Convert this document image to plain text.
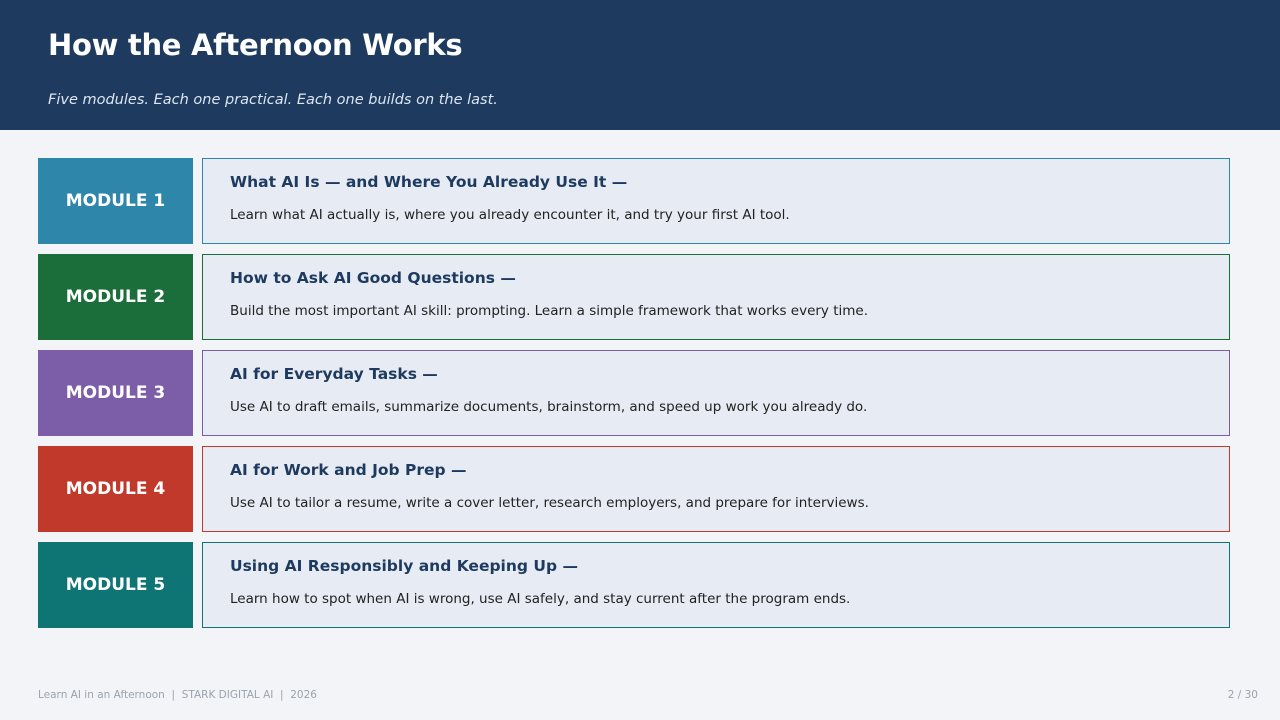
How the Afternoon Works
Five modules. Each one practical. Each one builds on the last.
MODULE 1
What AI Is — and Where You Already Use It —
Learn what AI actually is, where you already encounter it, and try your first AI tool.
MODULE 2
How to Ask AI Good Questions —
Build the most important AI skill: prompting. Learn a simple framework that works every time.
MODULE 3
AI for Everyday Tasks —
Use AI to draft emails, summarize documents, brainstorm, and speed up work you already do.
MODULE 4
AI for Work and Job Prep —
Use AI to tailor a resume, write a cover letter, research employers, and prepare for interviews.
MODULE 5
Using AI Responsibly and Keeping Up —
Learn how to spot when AI is wrong, use AI safely, and stay current after the program ends.
Learn AI in an Afternoon  |  STARK DIGITAL AI  |  2026	2 / 30
